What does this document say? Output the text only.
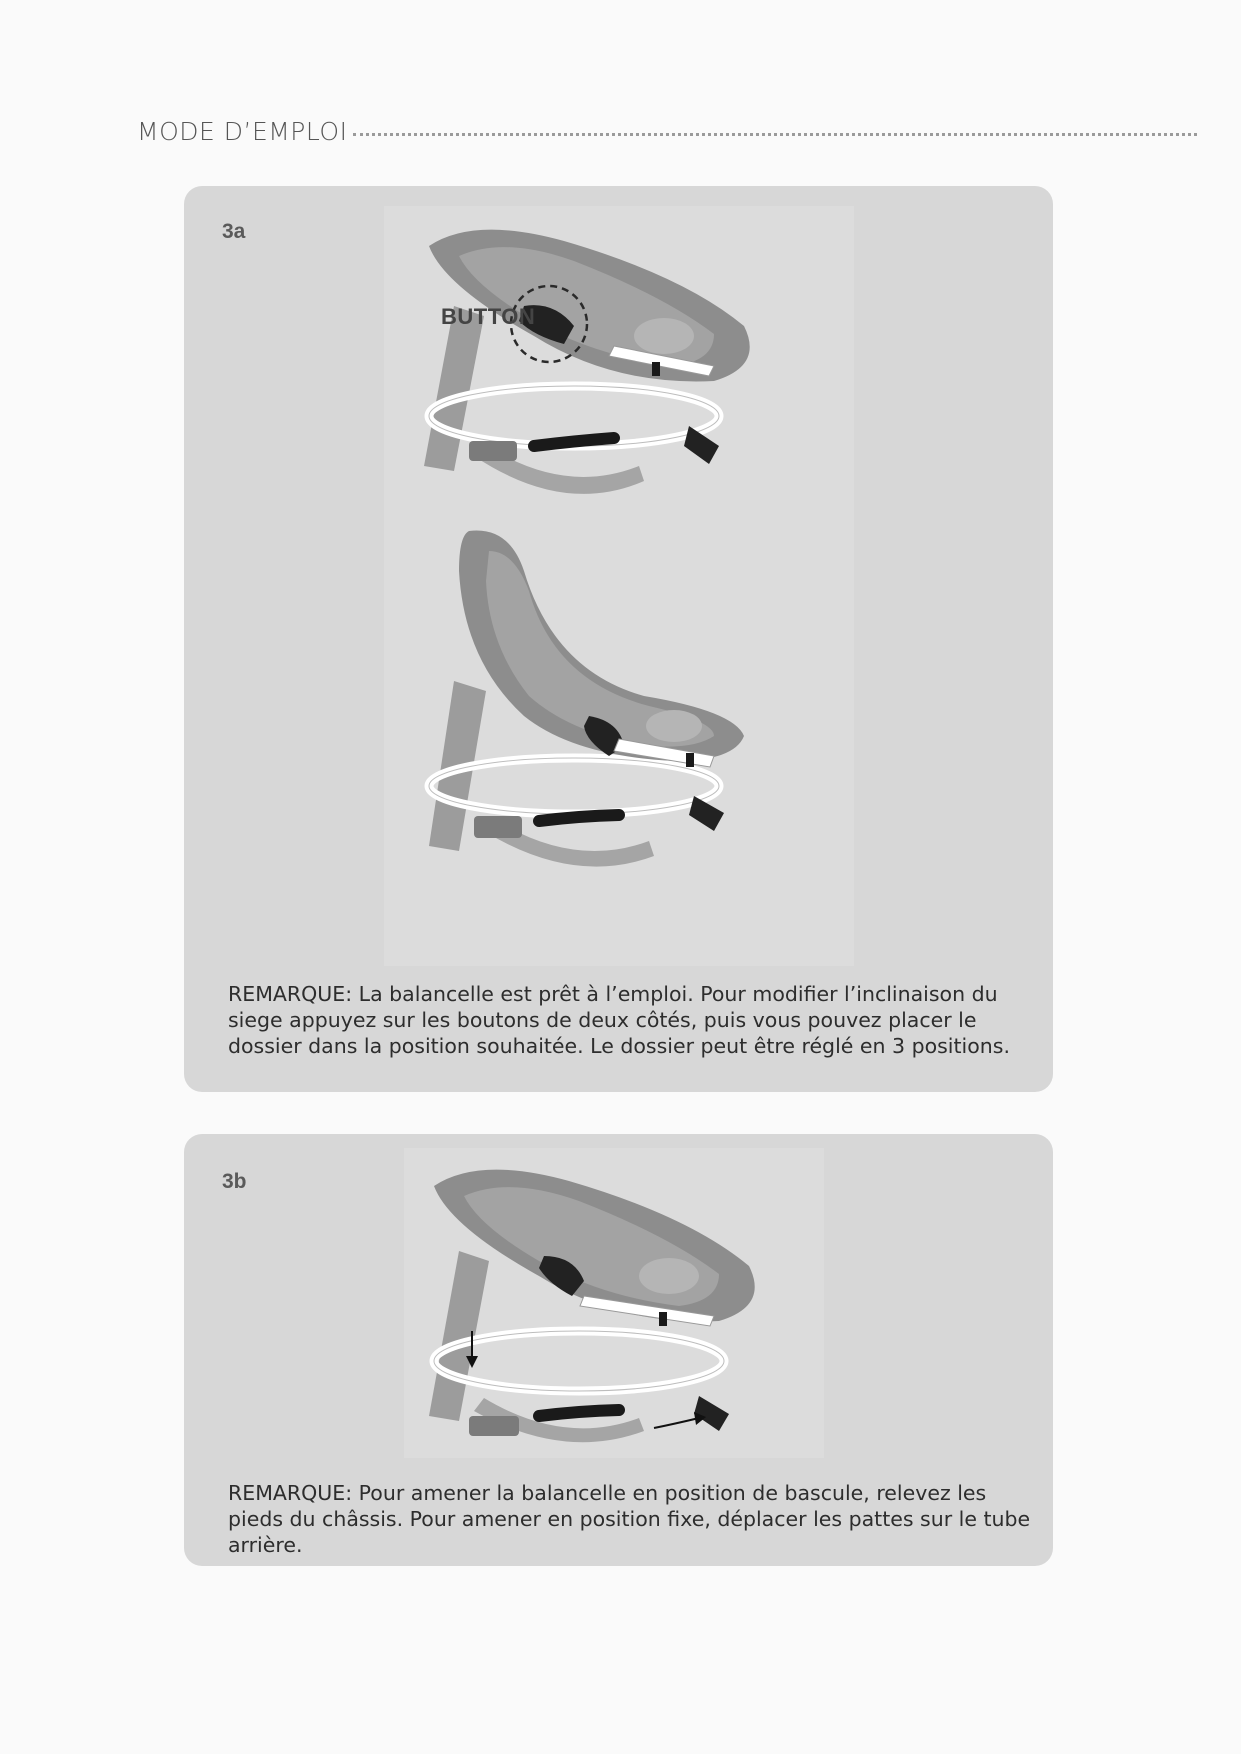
MODE D’EMPLOI
3a
BUTTON
REMARQUE: La balancelle est prêt à l’emploi. Pour modifier l’inclinaison du siege appuyez sur les boutons de deux côtés, puis vous pouvez placer le dossier dans la position souhaitée. Le dossier peut être réglé en 3 positions.
3b
REMARQUE: Pour amener la balancelle en position de bascule, relevez les pieds du châssis. Pour amener en position fixe, déplacer les pattes sur le tube arrière.
